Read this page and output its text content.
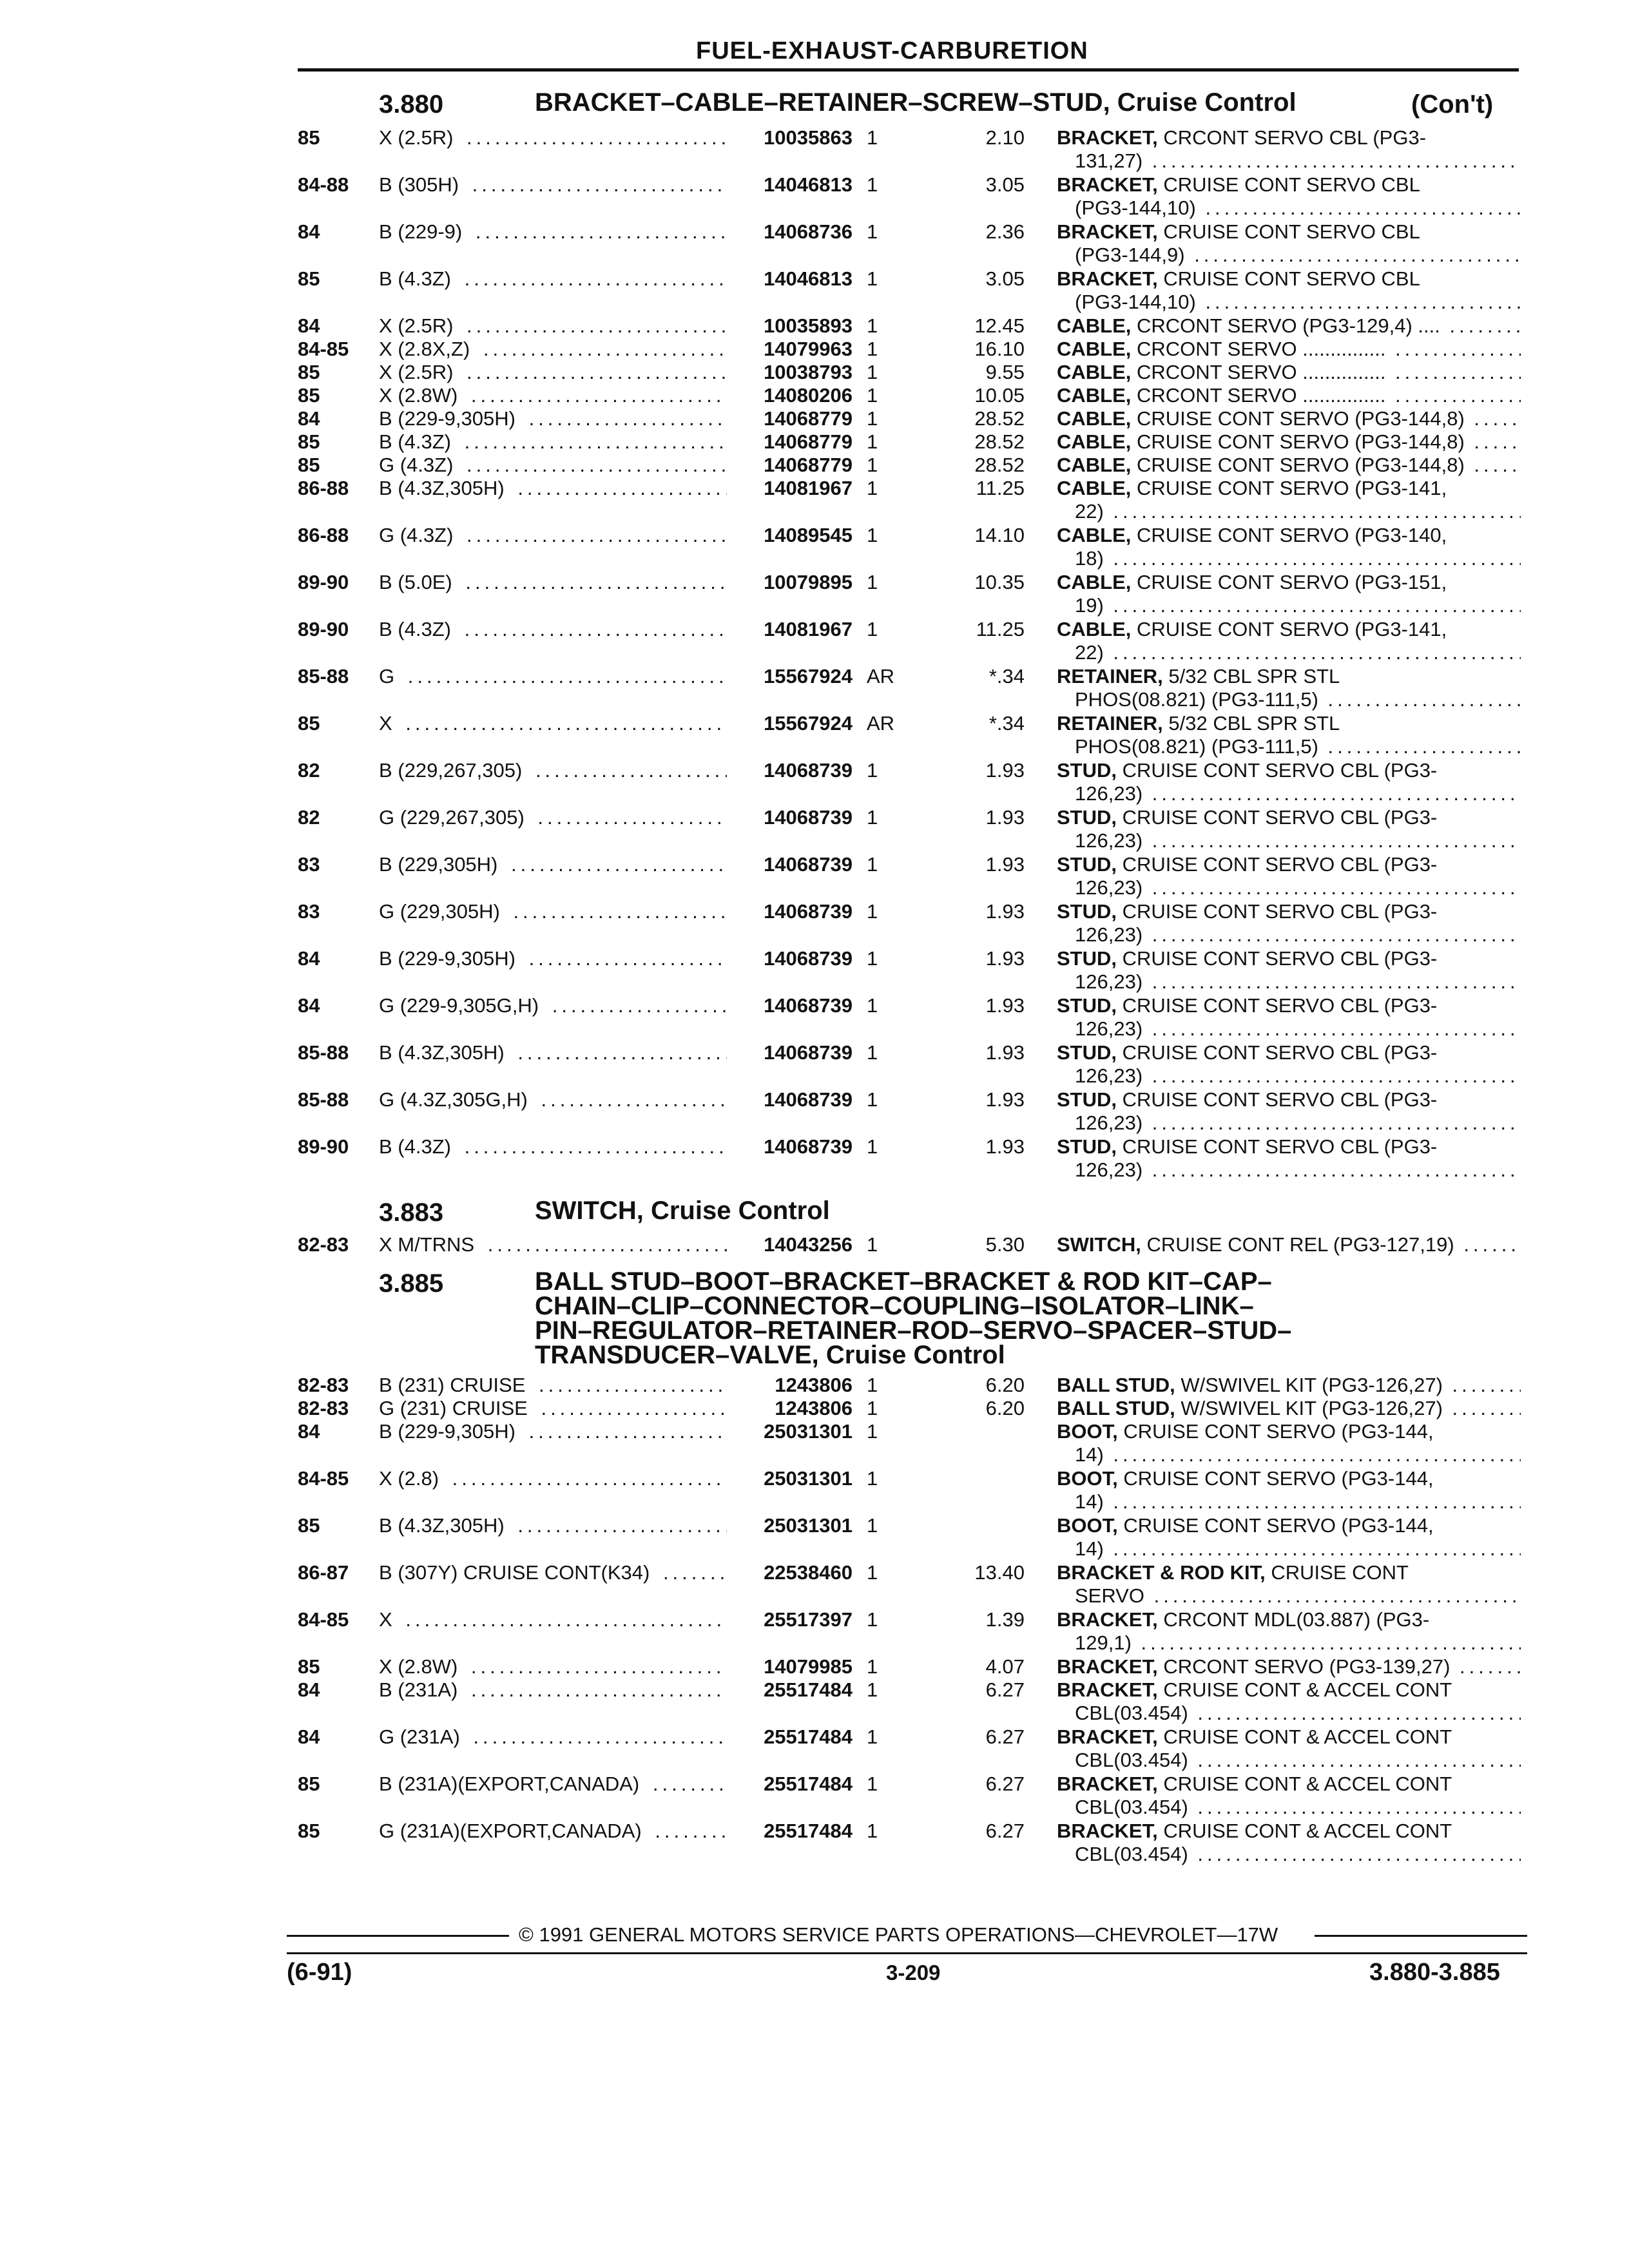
FUEL-EXHAUST-CARBURETION
3.880	BRACKET–CABLE–RETAINER–SCREW–STUD, Cruise Control	(Con't)
85	X (2.5R) .....	10035863 1	2.10 BRACKET, CRCONT SERVO CBL (PG3-
131,27) .....
84-88 B (305H) .....	14046813 1	3.05 BRACKET, CRUISE CONT SERVO CBL
(PG3-144,10) .....
84	B (229-9) .....	14068736 1	2.36 BRACKET, CRUISE CONT SERVO CBL
(PG3-144,9) .....
85	B (4.3Z) .....	14046813 1	3.05 BRACKET, CRUISE CONT SERVO CBL
(PG3-144,10) .....
84	X (2.5R) .....	10035893 1	12.45 CABLE, CRCONT SERVO (PG3-129,4) .... .....
84-85 X (2.8X,Z) .....	14079963 1	16.10 CABLE, CRCONT SERVO ............... .....
85	X (2.5R) .....	10038793 1	9.55 CABLE, CRCONT SERVO ............... .....
85	X (2.8W) .....	14080206 1	10.05 CABLE, CRCONT SERVO ............... .....
84	B (229-9,305H) .....	14068779 1	28.52 CABLE, CRUISE CONT SERVO (PG3-144,8) .....
85	B (4.3Z) .....	14068779 1	28.52 CABLE, CRUISE CONT SERVO (PG3-144,8) .....
85	G (4.3Z) .....	14068779 1	28.52 CABLE, CRUISE CONT SERVO (PG3-144,8) .....
86-88 B (4.3Z,305H) .....	14081967 1	11.25 CABLE, CRUISE CONT SERVO (PG3-141,
22) .....
86-88 G (4.3Z) .....	14089545 1	14.10 CABLE, CRUISE CONT SERVO (PG3-140,
18) .....
89-90 B (5.0E) .....	10079895 1	10.35 CABLE, CRUISE CONT SERVO (PG3-151,
19) .....
89-90 B (4.3Z) .....	14081967 1	11.25 CABLE, CRUISE CONT SERVO (PG3-141,
22) .....
85-88 G .....	15567924 AR	*.34 RETAINER, 5/32 CBL SPR STL
PHOS(08.821) (PG3-111,5) .....
85	X .....	15567924 AR	*.34 RETAINER, 5/32 CBL SPR STL
PHOS(08.821) (PG3-111,5) .....
82	B (229,267,305) .....	14068739 1	1.93 STUD, CRUISE CONT SERVO CBL (PG3-
126,23) .....
82	G (229,267,305) .....	14068739 1	1.93 STUD, CRUISE CONT SERVO CBL (PG3-
126,23) .....
83	B (229,305H) .....	14068739 1	1.93 STUD, CRUISE CONT SERVO CBL (PG3-
126,23) .....
83	G (229,305H) .....	14068739 1	1.93 STUD, CRUISE CONT SERVO CBL (PG3-
126,23) .....
84	B (229-9,305H) .....	14068739 1	1.93 STUD, CRUISE CONT SERVO CBL (PG3-
126,23) .....
84	G (229-9,305G,H) .....	14068739 1	1.93 STUD, CRUISE CONT SERVO CBL (PG3-
126,23) .....
85-88 B (4.3Z,305H) .....	14068739 1	1.93 STUD, CRUISE CONT SERVO CBL (PG3-
126,23) .....
85-88 G (4.3Z,305G,H) .....	14068739 1	1.93 STUD, CRUISE CONT SERVO CBL (PG3-
126,23) .....
89-90 B (4.3Z) .....	14068739 1	1.93 STUD, CRUISE CONT SERVO CBL (PG3-
126,23) .....
3.883	SWITCH, Cruise Control
82-83 X M/TRNS .....	14043256 1	5.30 SWITCH, CRUISE CONT REL (PG3-127,19) .....
3.885	BALL STUD–BOOT–BRACKET–BRACKET & ROD KIT–CAP–
CHAIN–CLIP–CONNECTOR–COUPLING–ISOLATOR–LINK–
PIN–REGULATOR–RETAINER–ROD–SERVO–SPACER–STUD–
TRANSDUCER–VALVE, Cruise Control
82-83 B (231) CRUISE .....	1243806 1	6.20 BALL STUD, W/SWIVEL KIT (PG3-126,27) .....
82-83 G (231) CRUISE .....	1243806 1	6.20 BALL STUD, W/SWIVEL KIT (PG3-126,27) .....
84	B (229-9,305H) .....	25031301 1	BOOT, CRUISE CONT SERVO (PG3-144,
14) .....
84-85 X (2.8) .....	25031301 1	BOOT, CRUISE CONT SERVO (PG3-144,
14) .....
85	B (4.3Z,305H) .....	25031301 1	BOOT, CRUISE CONT SERVO (PG3-144,
14) .....
86-87 B (307Y) CRUISE CONT(K34) .....	22538460 1	13.40 BRACKET & ROD KIT, CRUISE CONT
SERVO .....
84-85 X .....	25517397 1	1.39 BRACKET, CRCONT MDL(03.887) (PG3-
129,1) .....
85	X (2.8W) .....	14079985 1	4.07 BRACKET, CRCONT SERVO (PG3-139,27) .....
84	B (231A) .....	25517484 1	6.27 BRACKET, CRUISE CONT & ACCEL CONT
CBL(03.454) .....
84	G (231A) .....	25517484 1	6.27 BRACKET, CRUISE CONT & ACCEL CONT
CBL(03.454) .....
85	B (231A)(EXPORT,CANADA) .....	25517484 1	6.27 BRACKET, CRUISE CONT & ACCEL CONT
CBL(03.454) .....
85	G (231A)(EXPORT,CANADA) .....	25517484 1	6.27 BRACKET, CRUISE CONT & ACCEL CONT
CBL(03.454) .....
© 1991 GENERAL MOTORS SERVICE PARTS OPERATIONS—CHEVROLET—17W
(6-91)	3-209	3.880-3.885
